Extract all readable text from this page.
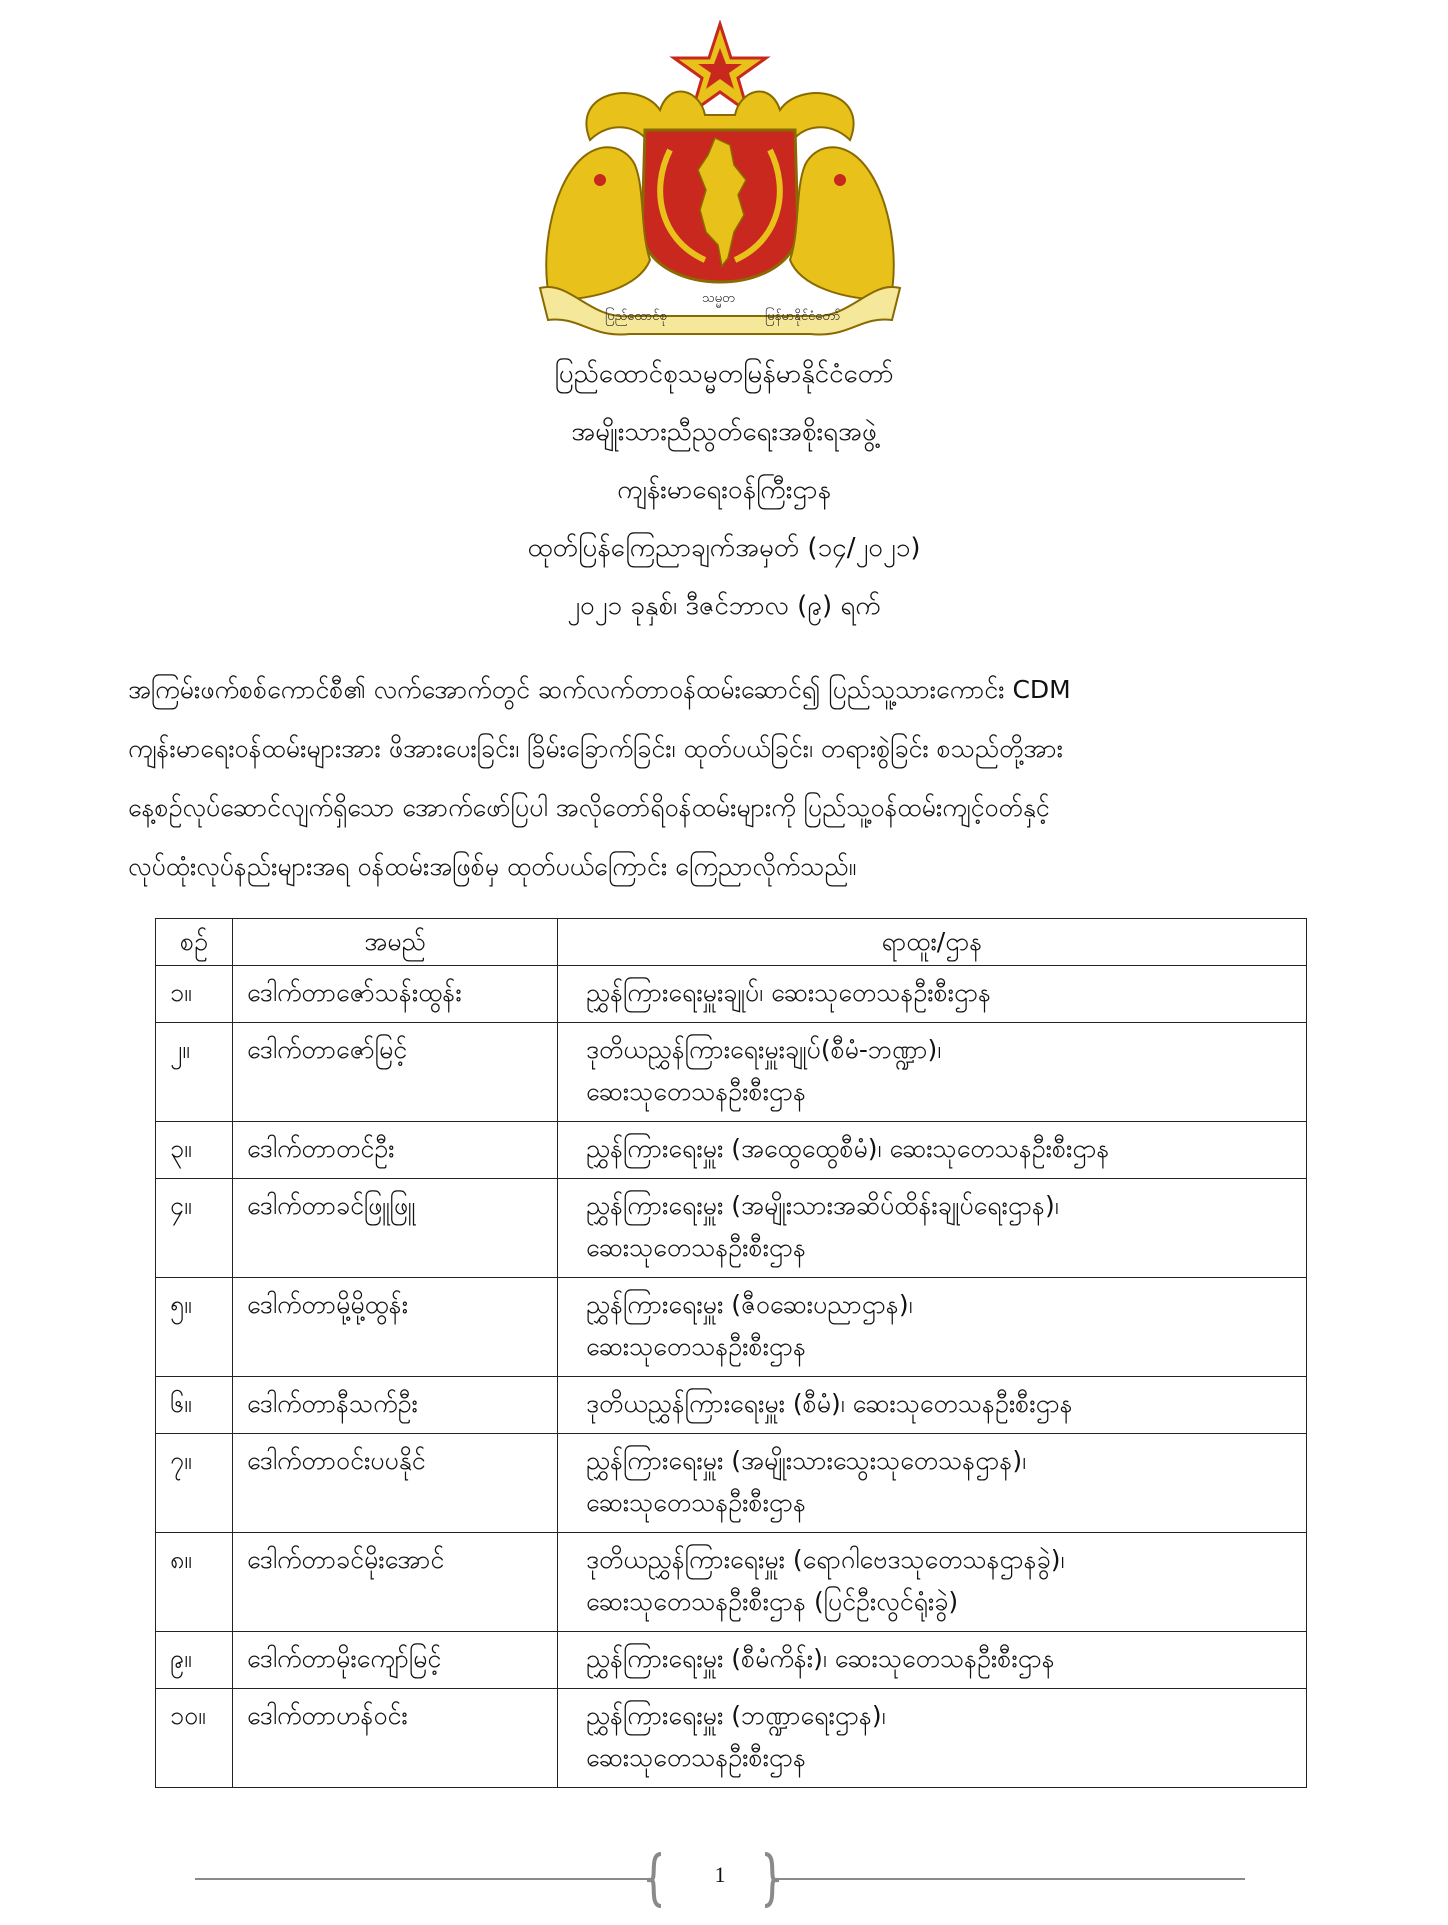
ပြည်ထောင်စု
သမ္မတ
မြန်မာနိုင်ငံတော်
ပြည်ထောင်စုသမ္မတမြန်မာနိုင်ငံတော်
အမျိုးသားညီညွတ်ရေးအစိုးရအဖွဲ့
ကျန်းမာရေးဝန်ကြီးဌာန
ထုတ်ပြန်ကြေညာချက်အမှတ် (၁၄/၂၀၂၁)
၂၀၂၁ ခုနှစ်၊ ဒီဇင်ဘာလ (၉) ရက်
အကြမ်းဖက်စစ်ကောင်စီ၏ လက်အောက်တွင် ဆက်လက်တာဝန်ထမ်းဆောင်၍ ပြည်သူ့သားကောင်း CDM
ကျန်းမာရေးဝန်ထမ်းများအား ဖိအားပေးခြင်း၊ ခြိမ်းခြောက်ခြင်း၊ ထုတ်ပယ်ခြင်း၊ တရားစွဲခြင်း စသည်တို့အား
နေ့စဉ်လုပ်ဆောင်လျက်ရှိသော အောက်ဖော်ပြပါ အလိုတော်ရိဝန်ထမ်းများကို ပြည်သူ့ဝန်ထမ်းကျင့်ဝတ်နှင့်
လုပ်ထုံးလုပ်နည်းများအရ ဝန်ထမ်းအဖြစ်မှ ထုတ်ပယ်ကြောင်း ကြေညာလိုက်သည်။
စဉ်	အမည်	ရာထူး/ဌာန
၁။	ဒေါက်တာဇော်သန်းထွန်း	ညွှန်ကြားရေးမှူးချုပ်၊ ဆေးသုတေသနဦးစီးဌာန

၂။	ဒေါက်တာဇော်မြင့်	ဒုတိယညွှန်ကြားရေးမှူးချုပ်(စီမံ-ဘဏ္ဍာ)၊
ဆေးသုတေသနဦးစီးဌာန

၃။	ဒေါက်တာတင်ဦး	ညွှန်ကြားရေးမှူး (အထွေထွေစီမံ)၊ ဆေးသုတေသနဦးစီးဌာန

၄။	ဒေါက်တာခင်ဖြူဖြူ	ညွှန်ကြားရေးမှူး (အမျိုးသားအဆိပ်ထိန်းချုပ်ရေးဌာန)၊
ဆေးသုတေသနဦးစီးဌာန

၅။	ဒေါက်တာမို့မို့ထွန်း	ညွှန်ကြားရေးမှူး (ဇီဝဆေးပညာဌာန)၊
ဆေးသုတေသနဦးစီးဌာန

၆။	ဒေါက်တာနီသက်ဦး	ဒုတိယညွှန်ကြားရေးမှူး (စီမံ)၊ ဆေးသုတေသနဦးစီးဌာန

၇။	ဒေါက်တာဝင်းပပနိုင်	ညွှန်ကြားရေးမှူး (အမျိုးသားသွေးသုတေသနဌာန)၊
ဆေးသုတေသနဦးစီးဌာန

၈။	ဒေါက်တာခင်မိုးအောင်	ဒုတိယညွှန်ကြားရေးမှူး (ရောဂါဗေဒသုတေသနဌာနခွဲ)၊
ဆေးသုတေသနဦးစီးဌာန (ပြင်ဦးလွင်ရုံးခွဲ)

၉။	ဒေါက်တာမိုးကျော်မြင့်	ညွှန်ကြားရေးမှူး (စီမံကိန်း)၊ ဆေးသုတေသနဦးစီးဌာန

၁၀။	ဒေါက်တာဟန်ဝင်း	ညွှန်ကြားရေးမှူး (ဘဏ္ဍာရေးဌာန)၊
ဆေးသုတေသနဦးစီးဌာန
1
